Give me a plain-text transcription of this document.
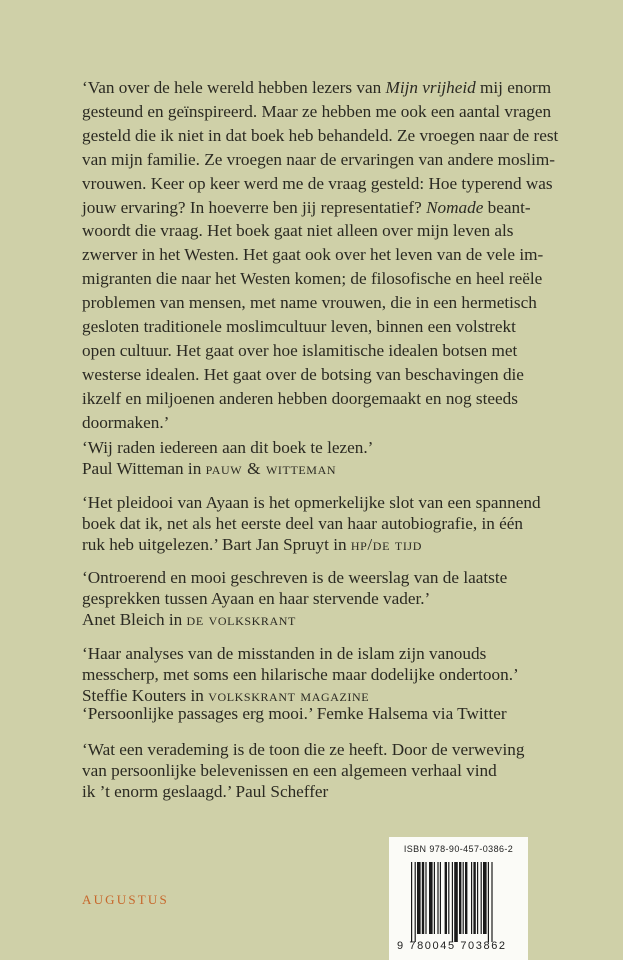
‘Van over de hele wereld hebben lezers van Mijn vrijheid mij enorm
gesteund en geïnspireerd. Maar ze hebben me ook een aantal vragen
gesteld die ik niet in dat boek heb behandeld. Ze vroegen naar de rest
van mijn familie. Ze vroegen naar de ervaringen van andere moslim-
vrouwen. Keer op keer werd me de vraag gesteld: Hoe typerend was
jouw ervaring? In hoeverre ben jij representatief? Nomade beant-
woordt die vraag. Het boek gaat niet alleen over mijn leven als
zwerver in het Westen. Het gaat ook over het leven van de vele im-
migranten die naar het Westen komen; de filosofische en heel reële
problemen van mensen, met name vrouwen, die in een hermetisch
gesloten traditionele moslimcultuur leven, binnen een volstrekt
open cultuur. Het gaat over hoe islamitische idealen botsen met
westerse idealen. Het gaat over de botsing van beschavingen die
ikzelf en miljoenen anderen hebben doorgemaakt en nog steeds
doormaken.’
‘Wij raden iedereen aan dit boek te lezen.’
Paul Witteman in pauw & witteman
‘Het pleidooi van Ayaan is het opmerkelijke slot van een spannend
boek dat ik, net als het eerste deel van haar autobiografie, in één
ruk heb uitgelezen.’ Bart Jan Spruyt in hp/de tijd
‘Ontroerend en mooi geschreven is de weerslag van de laatste
gesprekken tussen Ayaan en haar stervende vader.’
Anet Bleich in de volkskrant
‘Haar analyses van de misstanden in de islam zijn vanouds
messcherp, met soms een hilarische maar dodelijke ondertoon.’
Steffie Kouters in volkskrant magazine
‘Persoonlijke passages erg mooi.’ Femke Halsema via Twitter
‘Wat een verademing is de toon die ze heeft. Door de verweving
van persoonlijke belevenissen en een algemeen verhaal vind
ik ’t enorm geslaagd.’ Paul Scheffer
AUGUSTUS
ISBN 978-90-457-0386-2
9 780045 703862
